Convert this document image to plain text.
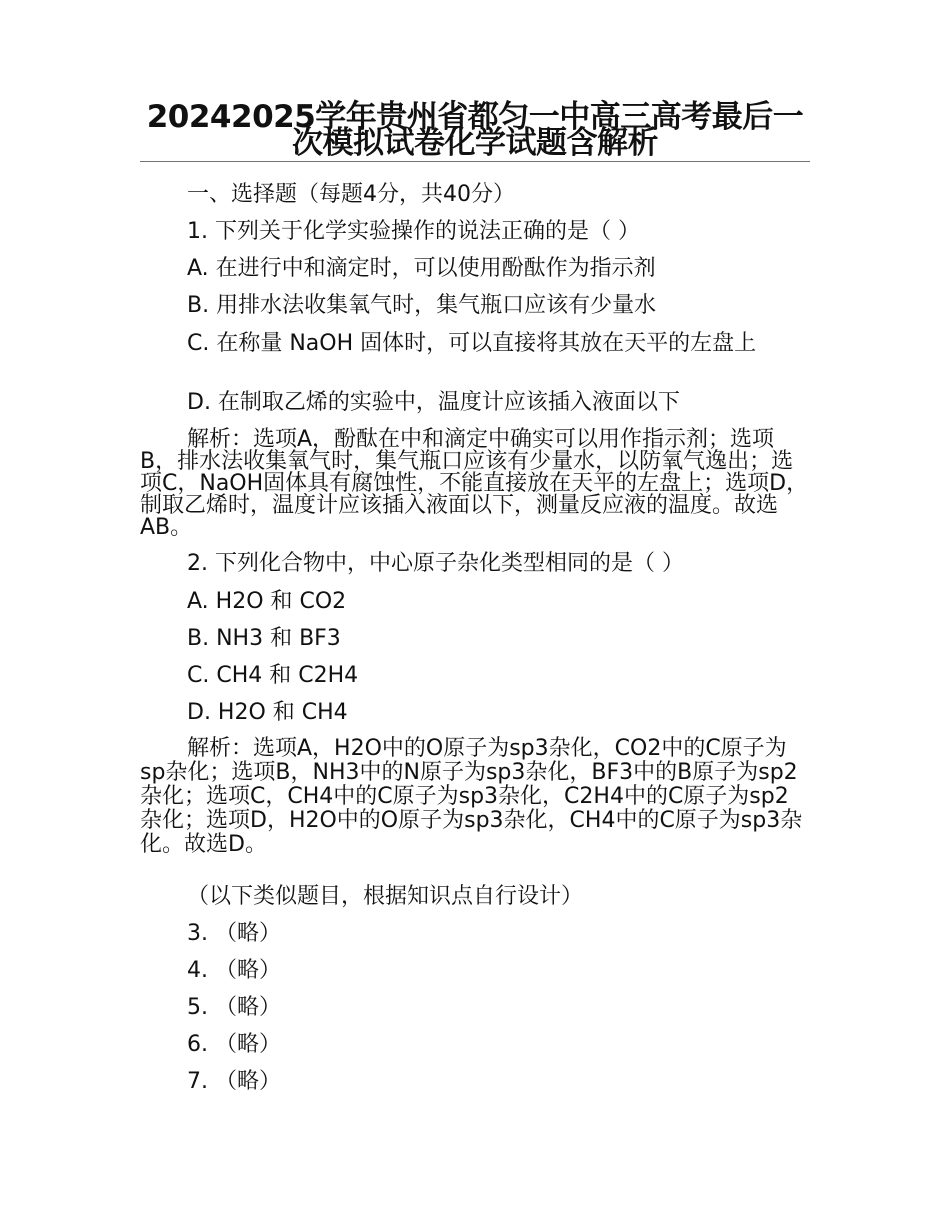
20242025学年贵州省都匀一中高三高考最后一次模拟试卷化学试题含解析
一、选择题（每题4分，共40分）
1. 下列关于化学实验操作的说法正确的是（ ）
A. 在进行中和滴定时，可以使用酚酞作为指示剂
B. 用排水法收集氧气时，集气瓶口应该有少量水
C. 在称量 NaOH 固体时，可以直接将其放在天平的左盘上
D. 在制取乙烯的实验中，温度计应该插入液面以下
解析：选项A，酚酞在中和滴定中确实可以用作指示剂；选项B，排水法收集氧气时，集气瓶口应该有少量水，以防氧气逸出；选项C，NaOH固体具有腐蚀性，不能直接放在天平的左盘上；选项D，制取乙烯时，温度计应该插入液面以下，测量反应液的温度。故选AB。
2. 下列化合物中，中心原子杂化类型相同的是（ ）
A. H2O 和 CO2
B. NH3 和 BF3
C. CH4 和 C2H4
D. H2O 和 CH4
解析：选项A，H2O中的O原子为sp3杂化，CO2中的C原子为sp杂化；选项B，NH3中的N原子为sp3杂化，BF3中的B原子为sp2杂化；选项C，CH4中的C原子为sp3杂化，C2H4中的C原子为sp2杂化；选项D，H2O中的O原子为sp3杂化，CH4中的C原子为sp3杂化。故选D。
（以下类似题目，根据知识点自行设计）
3. （略）
4. （略）
5. （略）
6. （略）
7. （略）
